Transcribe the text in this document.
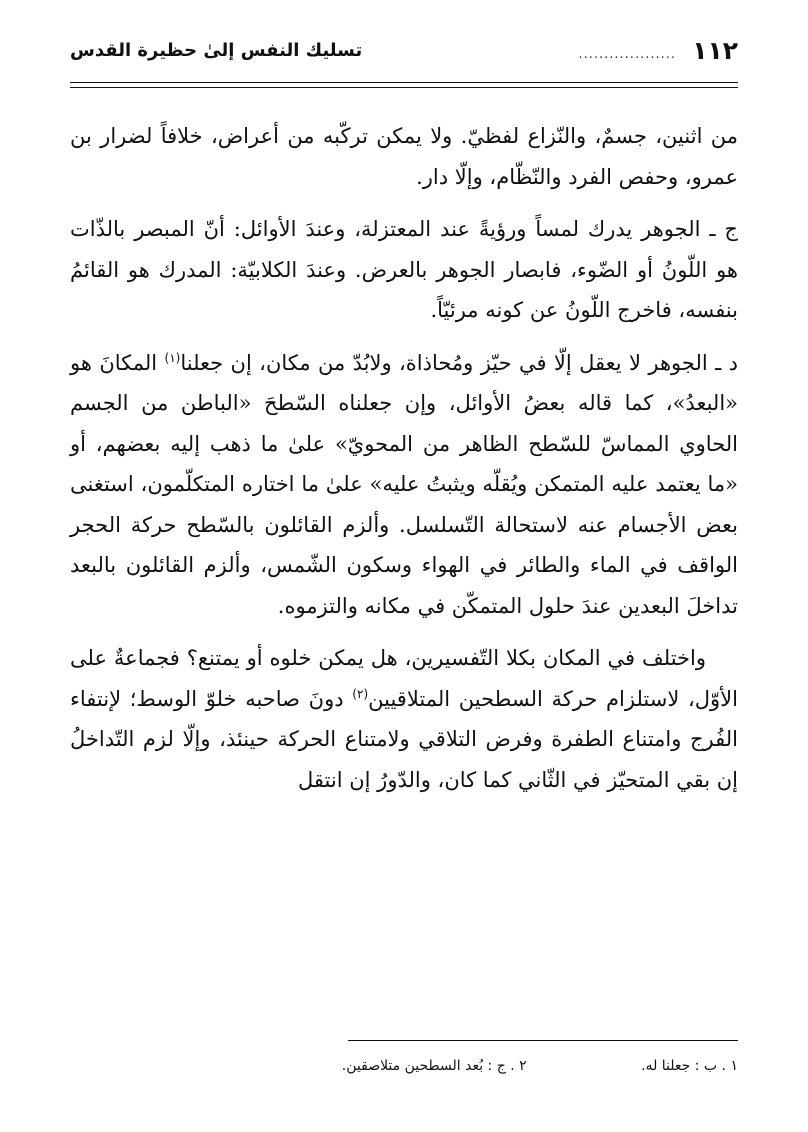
١١٢
...................
تسليك النفس إلىٰ حظيرة القدس

من اثنين، جسمٌ، والنّزاع لفظيّ. ولا يمكن تركّبه من أعراض، خلافاً لضرار بن عمرو، وحفص الفرد والنّظّام، وإلّا دار.

ج ـ الجوهر يدرك لمساً ورؤيةً عند المعتزلة، وعندَ الأوائل: أنّ المبصر بالذّات هو اللّونُ أو الضّوء، فابصار الجوهر بالعرض. وعندَ الكلابيّة: المدرك هو القائمُ بنفسه، فاخرج اللّونُ عن كونه مرئيّاً.

د ـ الجوهر لا يعقل إلّا في حيّز ومُحاذاة، ولابُدّ من مكان، إن جعلنا$^{(١)}$ المكانَ هو «البعدُ»، كما قاله بعضُ الأوائل، وإن جعلناه السّطحَ «الباطن من الجسم الحاوي المماسّ للسّطح الظاهر من المحويّ» علىٰ ما ذهب إليه بعضهم، أو «ما يعتمد عليه المتمكن ويُقلّه ويثبتُ عليه» علىٰ ما اختاره المتكلّمون، استغنى بعض الأجسام عنه لاستحالة التّسلسل. وألزم القائلون بالسّطح حركة الحجر الواقف في الماء والطائر في الهواء وسكون الشّمس، وألزم القائلون بالبعد تداخلَ البعدين عندَ حلول المتمكّن في مكانه والتزموه.

واختلف في المكان بكلا التّفسيرين، هل يمكن خلوه أو يمتنع؟ فجماعةٌ على الأوّل، لاستلزام حركة السطحين المتلاقيين$^{(٢)}$ دونَ صاحبه خلوّ الوسط؛ لإنتفاء الفُرج وامتناع الطفرة وفرض التلاقي ولامتناع الحركة حينئذ، وإلّا لزم التّداخلُ إن بقي المتحيّز في الثّاني كما كان، والدّورُ إن انتقل

١ . ب : جعلنا له. ٢ . ج : بُعد السطحين متلاصقين.
